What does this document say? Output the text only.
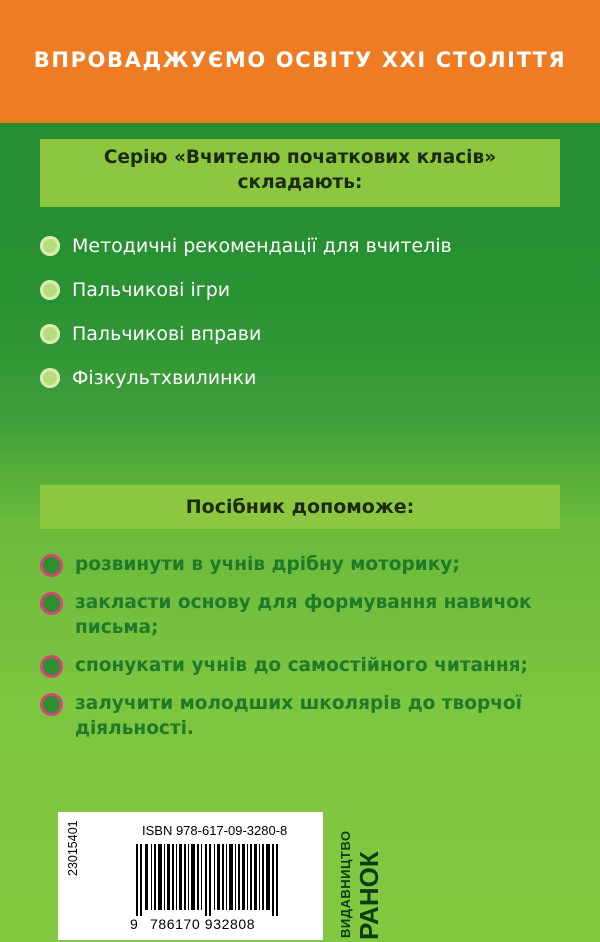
ВПРОВАДЖУЄМО ОСВІТУ XXI СТОЛІТТЯ
Серію «Вчителю початкових класів»
складають:
Методичні рекомендації для вчителів
Пальчикові ігри
Пальчикові вправи
Фізкультхвилинки
Посібник допоможе:
розвинути в учнів дрібну моторику;
закласти основу для формування навичок письма;
спонукати учнів до самостійного читання;
залучити молодших школярів до творчої діяльності.
23015401	ISBN 978-617-09-3280-8
9 786170 932808	ВИДАВНИЦТВО РАНОК
